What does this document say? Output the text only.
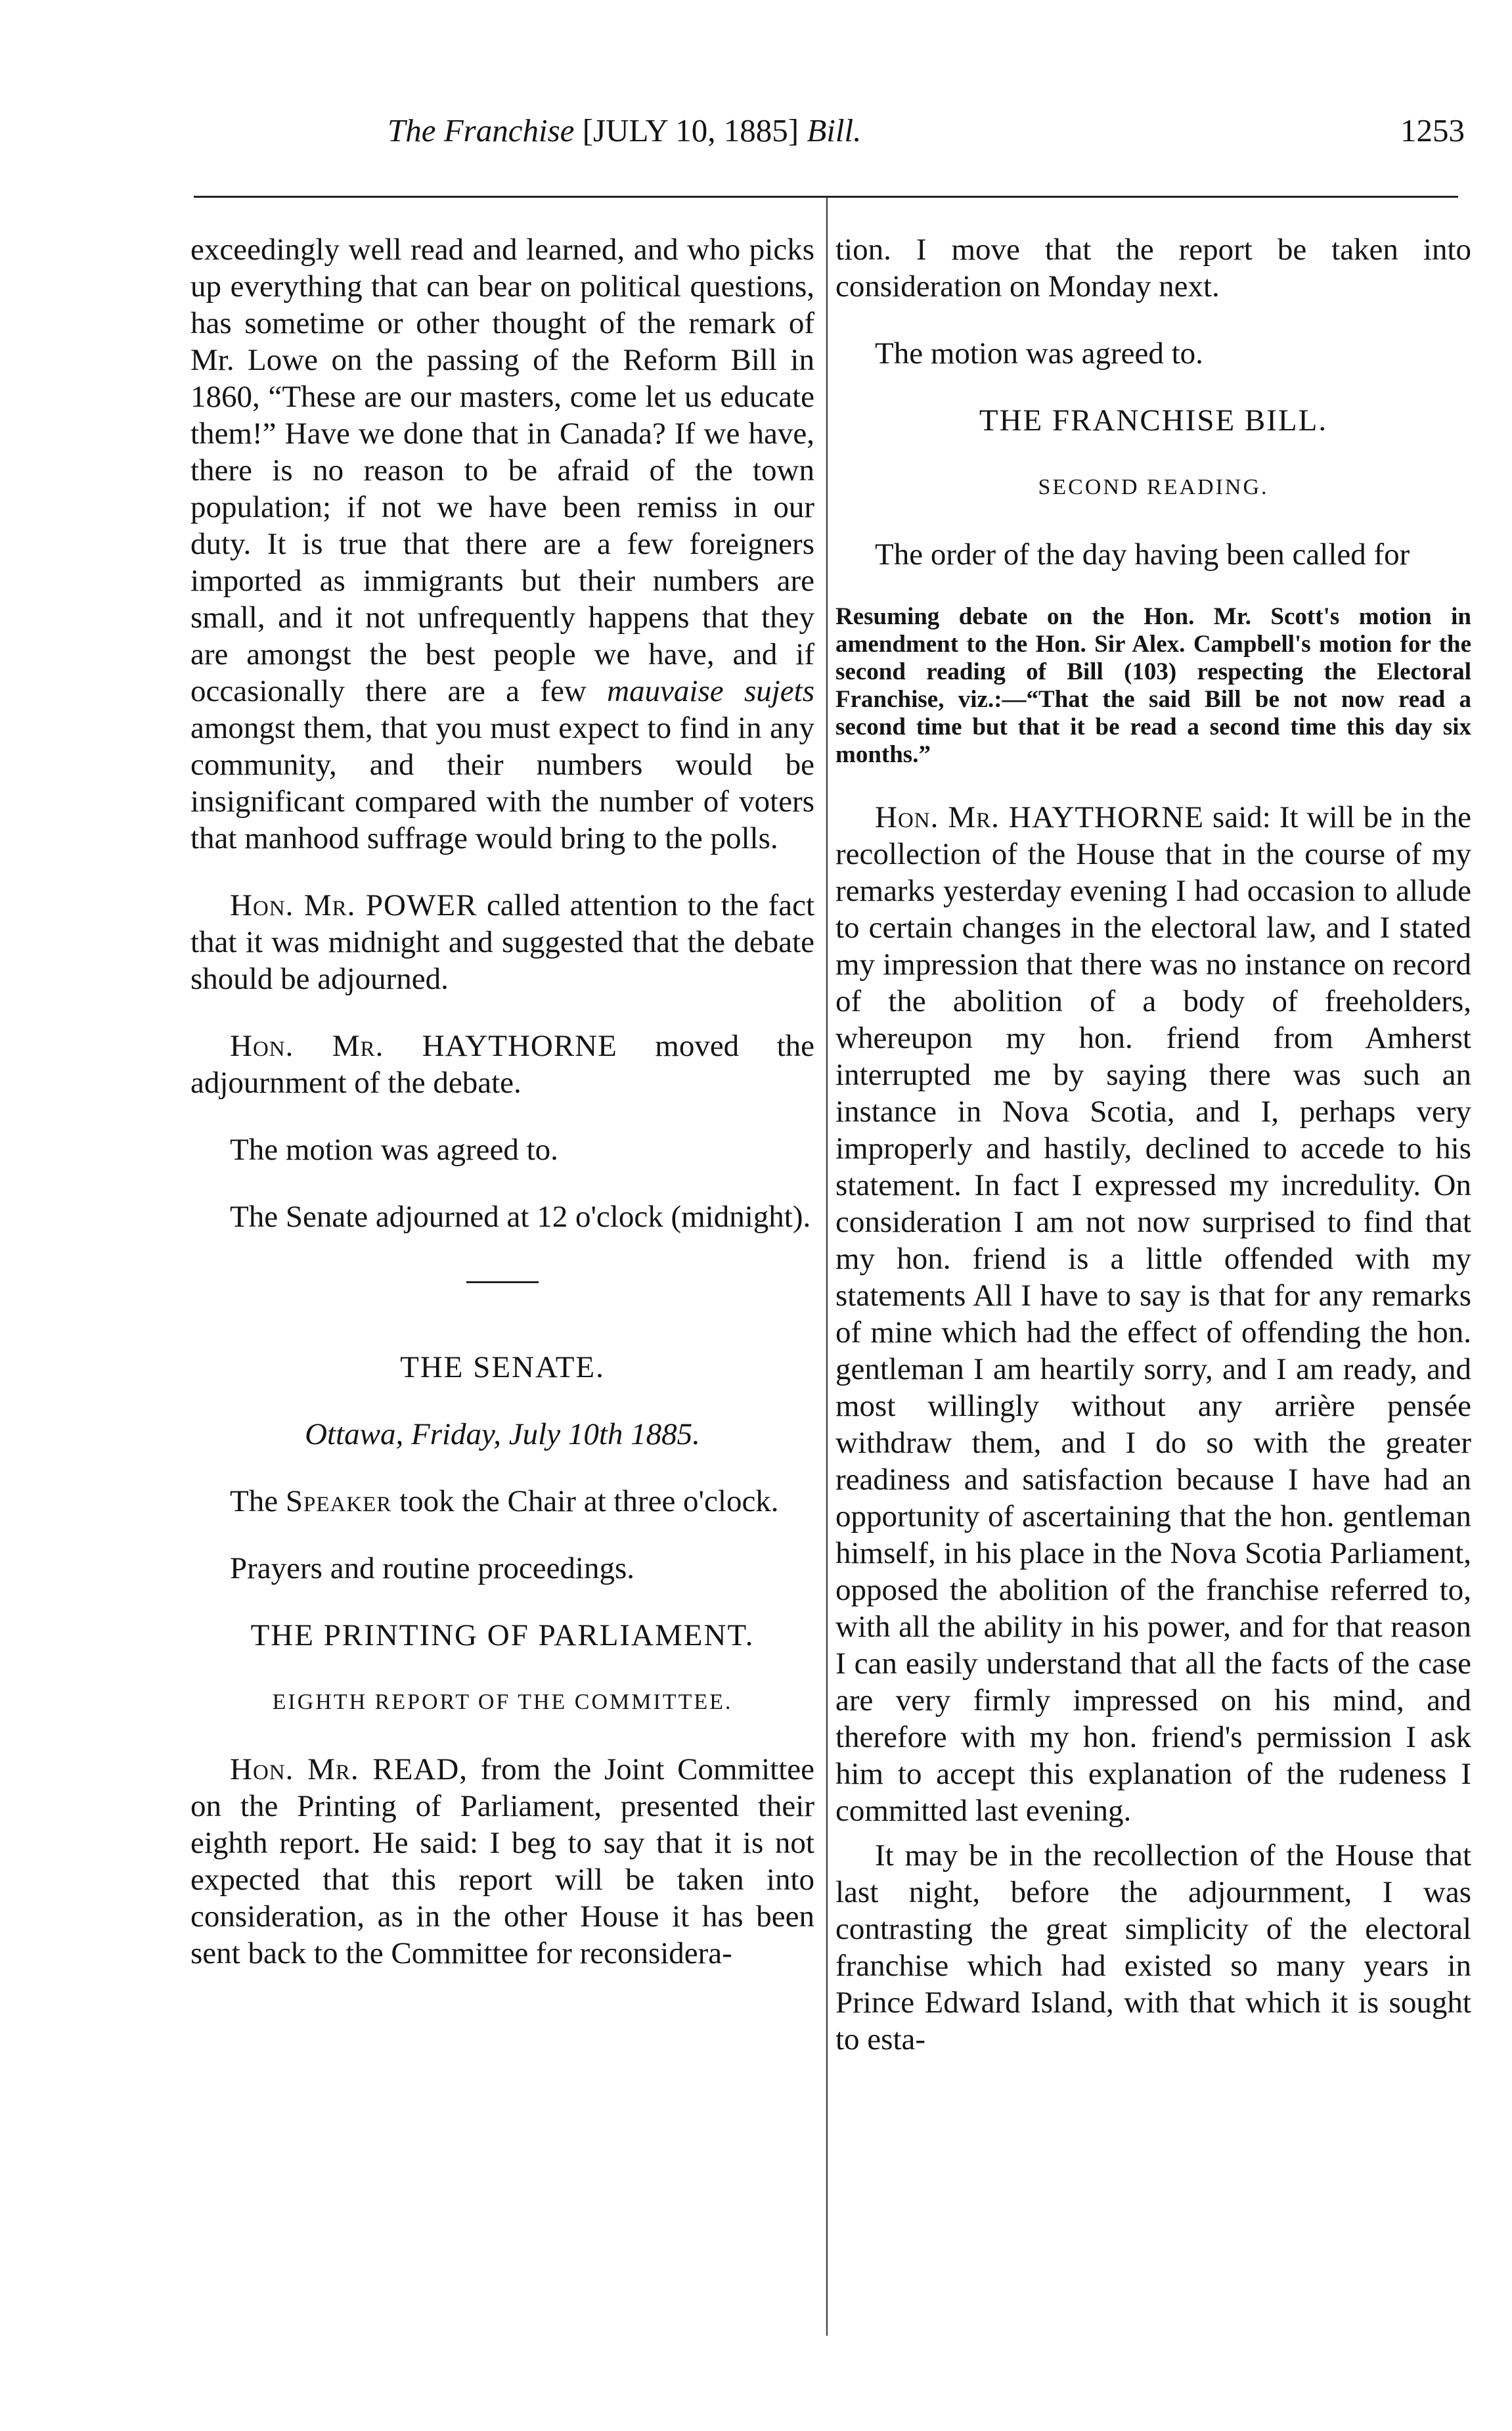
The Franchise [JULY 10, 1885] Bill.	1253

exceedingly well read and learned, and who picks up everything that can bear on political questions, has sometime or other thought of the remark of Mr. Lowe on the passing of the Reform Bill in 1860, “These are our masters, come let us educate them!” Have we done that in Canada? If we have, there is no reason to be afraid of the town population; if not we have been remiss in our duty. It is true that there are a few foreigners imported as immigrants but their numbers are small, and it not unfrequently happens that they are amongst the best people we have, and if occasionally there are a few mauvaise sujets amongst them, that you must expect to find in any community, and their numbers would be insignificant compared with the number of voters that manhood suffrage would bring to the polls.

Hon. Mr. POWER called attention to the fact that it was midnight and suggested that the debate should be adjourned.

Hon. Mr. HAYTHORNE moved the adjournment of the debate.

The motion was agreed to.

The Senate adjourned at 12 o'clock (midnight).

THE SENATE.

Ottawa, Friday, July 10th 1885.

The Speaker took the Chair at three o'clock.

Prayers and routine proceedings.

THE PRINTING OF PARLIAMENT.

EIGHTH REPORT OF THE COMMITTEE.

Hon. Mr. READ, from the Joint Committee on the Printing of Parliament, presented their eighth report. He said: I beg to say that it is not expected that this report will be taken into consideration, as in the other House it has been sent back to the Committee for reconsidera-

tion. I move that the report be taken into consideration on Monday next.

The motion was agreed to.

THE FRANCHISE BILL.

SECOND READING.

The order of the day having been called for

Resuming debate on the Hon. Mr. Scott's motion in amendment to the Hon. Sir Alex. Campbell's motion for the second reading of Bill (103) respecting the Electoral Franchise, viz.:—“That the said Bill be not now read a second time but that it be read a second time this day six months.”

Hon. Mr. HAYTHORNE said: It will be in the recollection of the House that in the course of my remarks yesterday evening I had occasion to allude to certain changes in the electoral law, and I stated my impression that there was no instance on record of the abolition of a body of freeholders, whereupon my hon. friend from Amherst interrupted me by saying there was such an instance in Nova Scotia, and I, perhaps very improperly and hastily, declined to accede to his statement. In fact I expressed my incredulity. On consideration I am not now surprised to find that my hon. friend is a little offended with my statements All I have to say is that for any remarks of mine which had the effect of offending the hon. gentleman I am heartily sorry, and I am ready, and most willingly without any arrière pensée withdraw them, and I do so with the greater readiness and satisfaction because I have had an opportunity of ascertaining that the hon. gentleman himself, in his place in the Nova Scotia Parliament, opposed the abolition of the franchise referred to, with all the ability in his power, and for that reason I can easily understand that all the facts of the case are very firmly impressed on his mind, and therefore with my hon. friend's permission I ask him to accept this explanation of the rudeness I committed last evening.

It may be in the recollection of the House that last night, before the adjournment, I was contrasting the great simplicity of the electoral franchise which had existed so many years in Prince Edward Island, with that which it is sought to esta-
